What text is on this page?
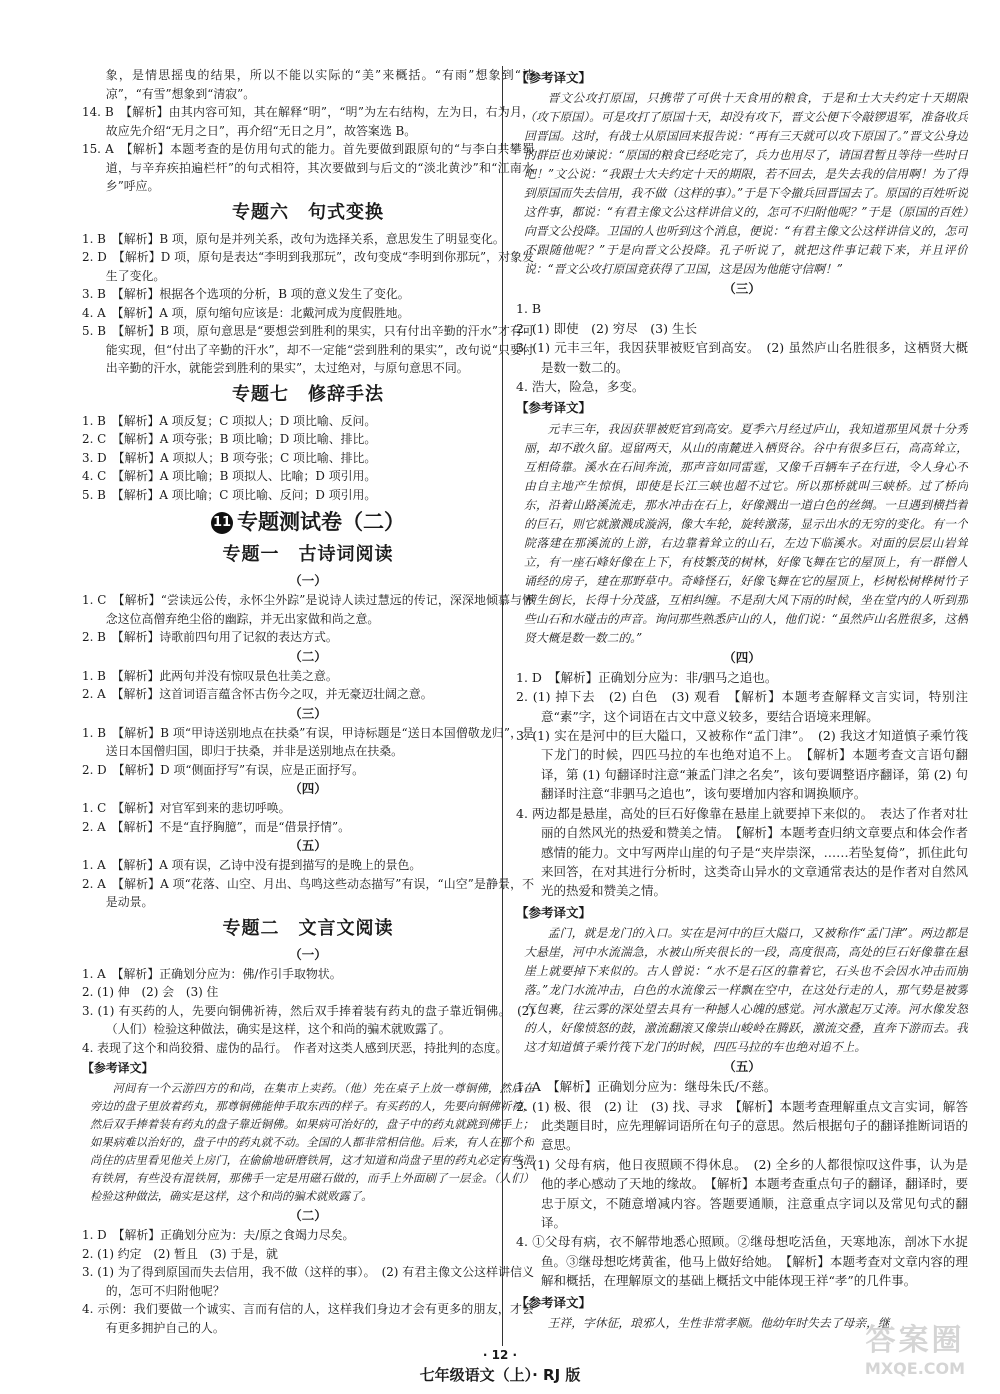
象，是情思摇曳的结果，所以不能以实际的“美”来概括。“有雨”想象到“清凉”，“有雪”想象到“清寂”。

14. B　【解析】由其内容可知，其在解释“明”，“明”为左右结构，左为日，右为月，故应先介绍“无月之日”，再介绍“无日之月”，故答案选 B。

15. A　【解析】本题考查的是仿用句式的能力。首先要做到跟原句的“与李白共攀蜀道，与辛弃疾拍遍栏杆”的句式相符，其次要做到与后文的“淡北黄沙”和“江南水乡”呼应。

专题六　句式变换

1. B　【解析】B 项，原句是并列关系，改句为选择关系，意思发生了明显变化。

2. D　【解析】D 项，原句是表达“李明到我那玩”，改句变成“李明到你那玩”，对象发生了变化。

3. B　【解析】根据各个选项的分析，B 项的意义发生了变化。

4. A　【解析】A 项，原句缩句应该是：北戴河成为度假胜地。

5. B　【解析】B 项，原句意思是“要想尝到胜利的果实，只有付出辛勤的汗水”才有可能实现，但“付出了辛勤的汗水”，却不一定能“尝到胜利的果实”，改句说“只要付出辛勤的汗水，就能尝到胜利的果实”，太过绝对，与原句意思不同。

专题七　修辞手法

1. B　【解析】A 项反复；C 项拟人；D 项比喻、反问。

2. C　【解析】A 项夸张；B 项比喻；D 项比喻、排比。

3. D　【解析】A 项拟人；B 项夸张；C 项比喻、排比。

4. C　【解析】A 项比喻；B 项拟人、比喻；D 项引用。

5. B　【解析】A 项比喻；C 项比喻、反问；D 项引用。

11 专题测试卷（二）
专题一　古诗词阅读
（一）

1. C　【解析】“尝读远公传，永怀尘外踪”是说诗人读过慧远的传记，深深地倾慕与怀念这位高僧弃绝尘俗的幽踪，并无出家做和尚之意。

2. B　【解析】诗歌前四句用了记叙的表达方式。

（二）

1. B　【解析】此两句并没有惊叹景色壮美之意。

2. A　【解析】这首词语言蕴含怀古伤今之叹，并无豪迈壮阔之意。

（三）

1. B　【解析】B 项“甲诗送别地点在扶桑”有误，甲诗标题是“送日本国僧敬龙归”，是送日本国僧归国，即归于扶桑，并非是送别地点在扶桑。

2. D　【解析】D 项“侧面抒写”有误，应是正面抒写。

（四）

1. C　【解析】对官军到来的悲切呼唤。

2. A　【解析】不是“直抒胸臆”，而是“借景抒情”。

（五）

1. A　【解析】A 项有误，乙诗中没有提到描写的是晚上的景色。

2. A　【解析】A 项“花落、山空、月出、鸟鸣这些动态描写”有误，“山空”是静景，不是动景。

专题二　文言文阅读
（一）

1. A　【解析】正确划分应为：佛/作引手取物状。

2. (1) 伸　(2) 会　(3) 住

3. (1) 有买药的人，先要向铜佛祈祷，然后双手捧着装有药丸的盘子靠近铜佛。　(2)（人们）检验这种做法，确实是这样，这个和尚的骗术就败露了。

4. 表现了这个和尚狡猾、虚伪的品行。　作者对这类人感到厌恶，持批判的态度。

【参考译文】

河间有一个云游四方的和尚，在集市上卖药。（他）先在桌子上放一尊铜佛，然后在旁边的盘子里放着药丸，那尊铜佛能伸手取东西的样子。有买药的人，先要向铜佛祈祷，然后双手捧着装有药丸的盘子靠近铜佛。如果病可治好的，盘子中的药丸就跳到佛手上；如果病难以治好的，盘子中的药丸就不动。全国的人都非常相信他。后来，有人在那个和尚住的店里看见他关上房门，在偷偷地研磨铁屑，这才知道和尚盘子里的药丸必定有些混有铁屑，有些没有混铁屑，那佛手一定是用磁石做的，而手上外面刷了一层金。（人们）检验这种做法，确实是这样，这个和尚的骗术就败露了。

（二）

1. D　【解析】正确划分应为：夫/原之食竭力尽矣。

2. (1) 约定　(2) 暂且　(3) 于是，就

3. (1) 为了得到原国而失去信用，我不做（这样的事）。　(2) 有君主像文公这样讲信义的，怎可不归附他呢？

4. 示例：我们要做一个诚实、言而有信的人，这样我们身边才会有更多的朋友，才会有更多拥护自己的人。

【参考译文】

晋文公攻打原国，只携带了可供十天食用的粮食，于是和士大夫约定十天期限（攻下原国）。可是攻打了原国十天，却没有攻下，晋文公便下令敲锣退军，准备收兵回晋国。这时，有战士从原国回来报告说：“再有三天就可以攻下原国了。”晋文公身边的群臣也劝谏说：“原国的粮食已经吃完了，兵力也用尽了，请国君暂且等待一些时日吧！”文公说：“我跟士大夫约定十天的期限，若不回去，是失去我的信用啊！为了得到原国而失去信用，我不做（这样的事）。”于是下令撤兵回晋国去了。原国的百姓听说这件事，都说：“有君主像文公这样讲信义的，怎可不归附他呢？”于是（原国的百姓）向晋文公投降。卫国的人也听到这个消息，便说：“有君主像文公这样讲信义的，怎可不跟随他呢？”于是向晋文公投降。孔子听说了，就把这件事记载下来，并且评价说：“晋文公攻打原国竟获得了卫国，这是因为他能守信啊！”

（三）

1. B

2. (1) 即使　(2) 穷尽　(3) 生长

3. (1) 元丰三年，我因获罪被贬官到高安。　(2) 虽然庐山名胜很多，这栖贤大概是数一数二的。

4. 浩大，险急，多变。

【参考译文】

元丰三年，我因获罪被贬官到高安。夏季六月经过庐山，我知道那里风景十分秀丽，却不敢久留。逗留两天，从山的南麓进入栖贤谷。谷中有很多巨石，高高耸立，互相倚靠。溪水在石间奔流，那声音如同雷霆，又像千百辆车子在行进，令人身心不由自主地产生惊惧，即使是长江三峡也超不过它。所以那桥就叫三峡桥。过了桥向东，沿着山路溪流走，那水冲击在石上，好像溅出一道白色的丝绸。一旦遇到横挡着的巨石，则它就激溅成漩涡，像大车轮，旋转激荡，显示出水的无穷的变化。有一个院落建在那溪流的上游，右边靠着耸立的山石，左边下临溪水。对面的层层山岩耸立，有一座石峰好像在上下，有枝繁茂的树林，好像飞舞在它的屋顶上，有一群僧人诵经的房子，建在那野草中。奇峰怪石，好像飞舞在它的屋顶上，杉树松树桦树竹子横生倒长，长得十分茂盛，互相纠缠。不是刮大风下雨的时候，坐在堂内的人听到那些山石和水碰击的声音。询问那些熟悉庐山的人，他们说：“虽然庐山名胜很多，这栖贤大概是数一数二的。”

（四）

1. D　【解析】正确划分应为：非/驷马之追也。

2. (1) 掉下去　(2) 白色　(3) 观看　【解析】本题考查解释文言实词，特别注意“素”字，这个词语在古文中意义较多，要结合语境来理解。

3. (1) 实在是河中的巨大隘口，又被称作“孟门津”。　(2) 我这才知道慎子乘竹筏下龙门的时候，四匹马拉的车也绝对追不上。　【解析】本题考查文言语句翻译，第 (1) 句翻译时注意“兼孟门津之名矣”，该句要调整语序翻译，第 (2) 句翻译时注意“非驷马之追也”，该句要增加内容和调换顺序。

4. 两边都是悬崖，高处的巨石好像靠在悬崖上就要掉下来似的。　表达了作者对壮丽的自然风光的热爱和赞美之情。　【解析】本题考查归纳文章要点和体会作者感情的能力。文中写两岸山崖的句子是“夹岸崇深，……若坠复倚”，抓住此句来回答，在对其进行分析时，这类奇山异水的文章通常表达的是作者对自然风光的热爱和赞美之情。

【参考译文】

孟门，就是龙门的入口。实在是河中的巨大隘口，又被称作“孟门津”。两边都是大悬崖，河中水流湍急，水被山所夹很长的一段，高度很高，高处的巨石好像靠在悬崖上就要掉下来似的。古人曾说：“水不是石区的靠着它，石头也不会因水冲击而崩落。”龙门水流冲击，白色的水流像云一样飘在空中，在这处行走的人，那气势是被雾气包裹，往云雾的深处望去具有一种撼人心魄的感觉。河水激起万丈涛。河水像发怒的人，好像愤怒的鼓，激流翻滚又像崇山峻岭在腾跃，激流交叠，直奔下游而去。我这才知道慎子乘竹筏下龙门的时候，四匹马拉的车也绝对追不上。

（五）

1. A　【解析】正确划分应为：继母朱氏/不慈。

2. (1) 极、很　(2) 让　(3) 找、寻求　【解析】本题考查理解重点文言实词，解答此类题目时，应先理解词语所在句子的意思。然后根据句子的翻译推断词语的意思。

3. (1) 父母有病，他日夜照顾不得休息。　(2) 全乡的人都很惊叹这件事，认为是他的孝心感动了天地的缘故。　【解析】本题考查重点句子的翻译，翻译时，要忠于原文，不随意增减内容。答题要通顺，注意重点字词以及常见句式的翻译。

4. ①父母有病，衣不解带地悉心照顾。②继母想吃活鱼，天寒地冻，剖冰下水捉鱼。③继母想吃烤黄雀，他马上做好给她。　【解析】本题考查对文章内容的理解和概括，在理解原文的基础上概括文中能体现王祥“孝”的几件事。

【参考译文】

王祥，字休征，琅邪人，生性非常孝顺。他幼年时失去了母亲，继

· 12 ·
七年级语文（上）· RJ 版
答案圈
MXQE.COM
